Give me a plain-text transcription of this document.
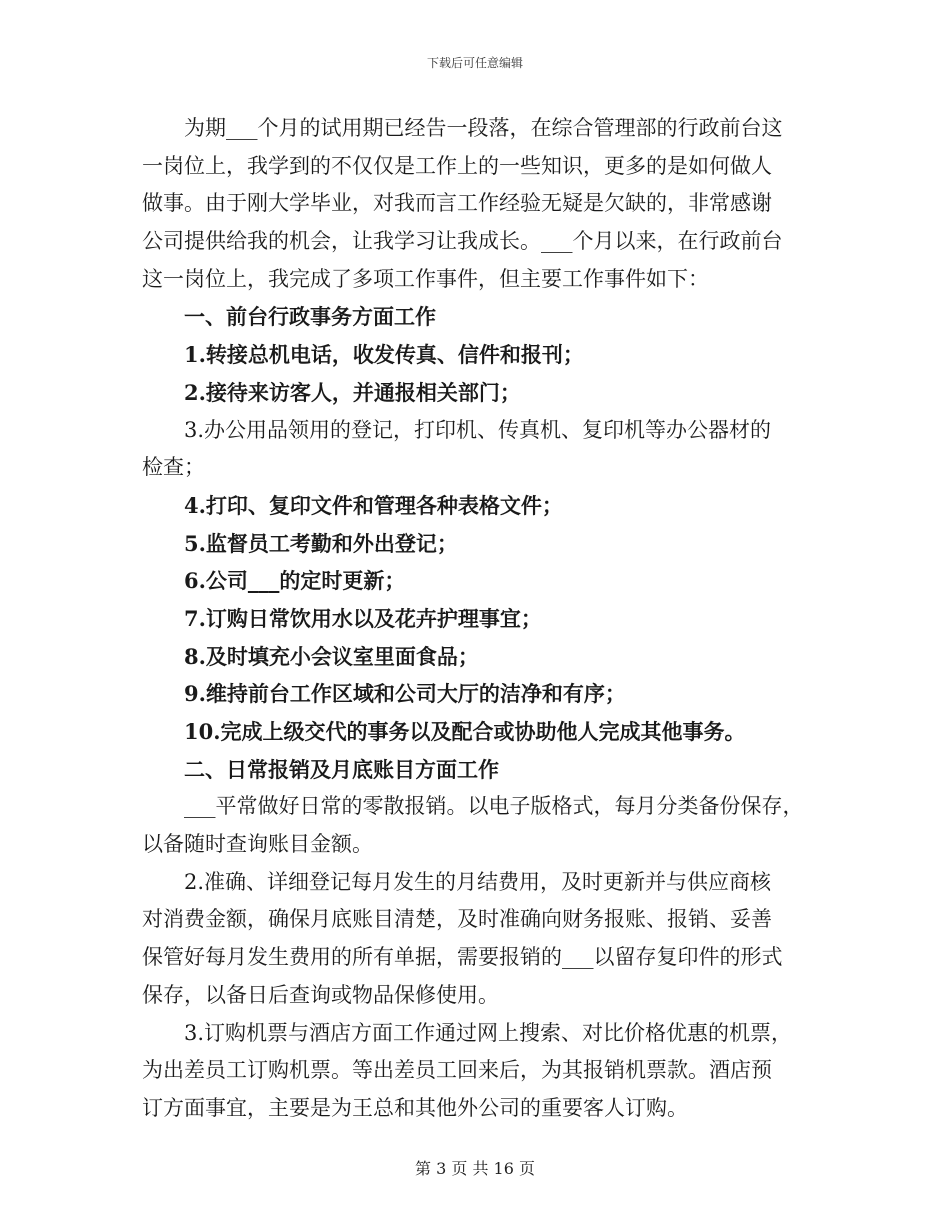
下载后可任意编辑
为期___个月的试用期已经告一段落，在综合管理部的行政前台这
一岗位上，我学到的不仅仅是工作上的一些知识，更多的是如何做人
做事。由于刚大学毕业，对我而言工作经验无疑是欠缺的，非常感谢
公司提供给我的机会，让我学习让我成长。___个月以来，在行政前台
这一岗位上，我完成了多项工作事件，但主要工作事件如下：
一、前台行政事务方面工作
1.转接总机电话，收发传真、信件和报刊；
2.接待来访客人，并通报相关部门；
3.办公用品领用的登记，打印机、传真机、复印机等办公器材的
检查；
4.打印、复印文件和管理各种表格文件；
5.监督员工考勤和外出登记；
6.公司___的定时更新；
7.订购日常饮用水以及花卉护理事宜；
8.及时填充小会议室里面食品；
9.维持前台工作区域和公司大厅的洁净和有序；
10.完成上级交代的事务以及配合或协助他人完成其他事务。
二、日常报销及月底账目方面工作
___平常做好日常的零散报销。以电子版格式，每月分类备份保存，
以备随时查询账目金额。
2.准确、详细登记每月发生的月结费用，及时更新并与供应商核
对消费金额，确保月底账目清楚，及时准确向财务报账、报销、妥善
保管好每月发生费用的所有单据，需要报销的___以留存复印件的形式
保存，以备日后查询或物品保修使用。
3.订购机票与酒店方面工作通过网上搜索、对比价格优惠的机票，
为出差员工订购机票。等出差员工回来后，为其报销机票款。酒店预
订方面事宜，主要是为王总和其他外公司的重要客人订购。
第 3 页 共 16 页
